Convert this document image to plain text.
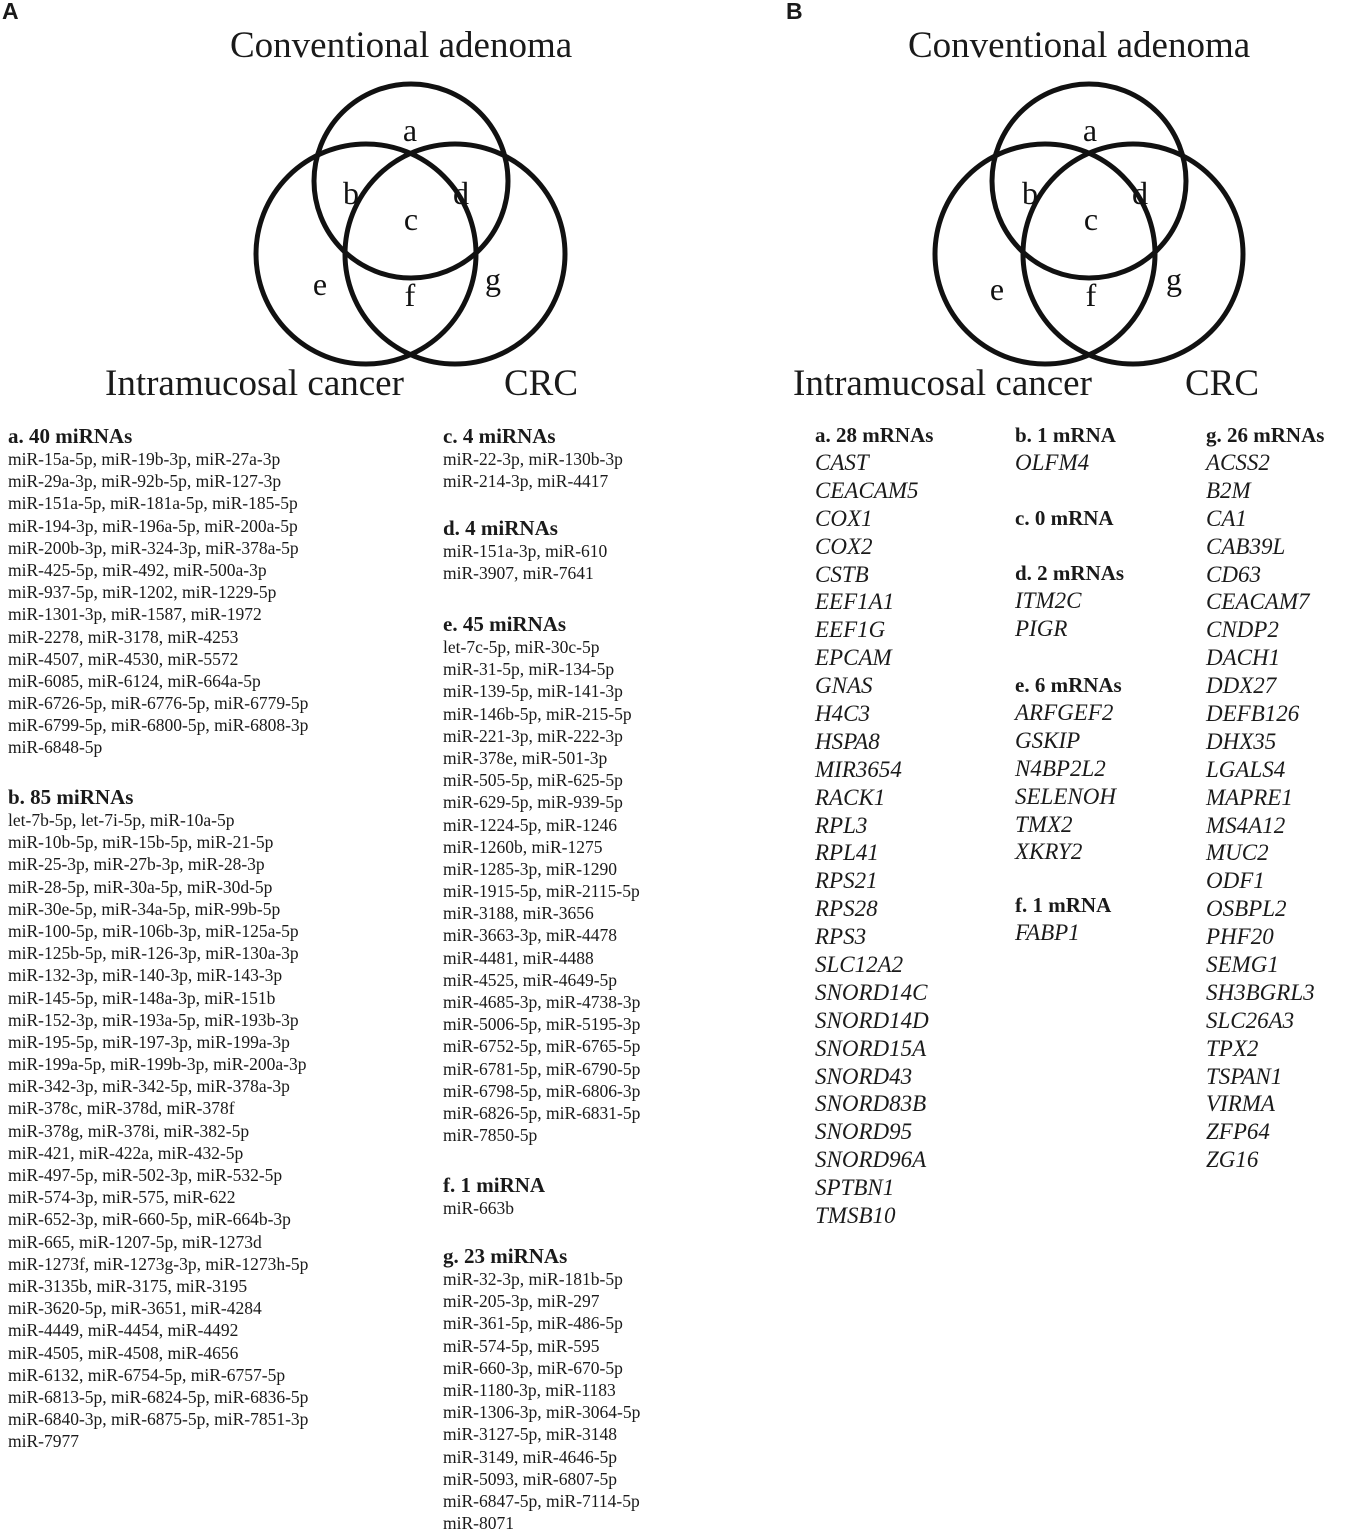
A
Conventional adenoma
a
b
c
d
e f g
Intramucosal cancer	CRC
a. 40 miRNAs
miR-15a-5p, miR-19b-3p, miR-27a-3p
miR-29a-3p, miR-92b-5p, miR-127-3p
miR-151a-5p, miR-181a-5p, miR-185-5p
miR-194-3p, miR-196a-5p, miR-200a-5p
miR-200b-3p, miR-324-3p, miR-378a-5p
miR-425-5p, miR-492, miR-500a-3p
miR-937-5p, miR-1202, miR-1229-5p
miR-1301-3p, miR-1587, miR-1972
miR-2278, miR-3178, miR-4253
miR-4507, miR-4530, miR-5572
miR-6085, miR-6124, miR-664a-5p
miR-6726-5p, miR-6776-5p, miR-6779-5p
miR-6799-5p, miR-6800-5p, miR-6808-3p
miR-6848-5p
b. 85 miRNAs
let-7b-5p, let-7i-5p, miR-10a-5p
miR-10b-5p, miR-15b-5p, miR-21-5p
miR-25-3p, miR-27b-3p, miR-28-3p
miR-28-5p, miR-30a-5p, miR-30d-5p
miR-30e-5p, miR-34a-5p, miR-99b-5p
miR-100-5p, miR-106b-3p, miR-125a-5p
miR-125b-5p, miR-126-3p, miR-130a-3p
miR-132-3p, miR-140-3p, miR-143-3p
miR-145-5p, miR-148a-3p, miR-151b
miR-152-3p, miR-193a-5p, miR-193b-3p
miR-195-5p, miR-197-3p, miR-199a-3p
miR-199a-5p, miR-199b-3p, miR-200a-3p
miR-342-3p, miR-342-5p, miR-378a-3p
miR-378c, miR-378d, miR-378f
miR-378g, miR-378i, miR-382-5p
miR-421, miR-422a, miR-432-5p
miR-497-5p, miR-502-3p, miR-532-5p
miR-574-3p, miR-575, miR-622
miR-652-3p, miR-660-5p, miR-664b-3p
miR-665, miR-1207-5p, miR-1273d
miR-1273f, miR-1273g-3p, miR-1273h-5p
miR-3135b, miR-3175, miR-3195
miR-3620-5p, miR-3651, miR-4284
miR-4449, miR-4454, miR-4492
miR-4505, miR-4508, miR-4656
miR-6132, miR-6754-5p, miR-6757-5p
miR-6813-5p, miR-6824-5p, miR-6836-5p
miR-6840-3p, miR-6875-5p, miR-7851-3p
miR-7977
c. 4 miRNAs
miR-22-3p, miR-130b-3p
miR-214-3p, miR-4417
d. 4 miRNAs
miR-151a-3p, miR-610
miR-3907, miR-7641
e. 45 miRNAs
let-7c-5p, miR-30c-5p
miR-31-5p, miR-134-5p
miR-139-5p, miR-141-3p
miR-146b-5p, miR-215-5p
miR-221-3p, miR-222-3p
miR-378e, miR-501-3p
miR-505-5p, miR-625-5p
miR-629-5p, miR-939-5p
miR-1224-5p, miR-1246
miR-1260b, miR-1275
miR-1285-3p, miR-1290
miR-1915-5p, miR-2115-5p
miR-3188, miR-3656
miR-3663-3p, miR-4478
miR-4481, miR-4488
miR-4525, miR-4649-5p
miR-4685-3p, miR-4738-3p
miR-5006-5p, miR-5195-3p
miR-6752-5p, miR-6765-5p
miR-6781-5p, miR-6790-5p
miR-6798-5p, miR-6806-3p
miR-6826-5p, miR-6831-5p
miR-7850-5p
f. 1 miRNA
miR-663b
g. 23 miRNAs
miR-32-3p, miR-181b-5p
miR-205-3p, miR-297
miR-361-5p, miR-486-5p
miR-574-5p, miR-595
miR-660-3p, miR-670-5p
miR-1180-3p, miR-1183
miR-1306-3p, miR-3064-5p
miR-3127-5p, miR-3148
miR-3149, miR-4646-5p
miR-5093, miR-6807-5p
miR-6847-5p, miR-7114-5p
miR-8071
B
Conventional adenoma
a
b
c
d
e	f g
Intramucosal cancer	CRC
a. 28 mRNAs
CAST
CEACAM5
COX1
COX2
CSTB
EEF1A1
EEF1G
EPCAM
GNAS
H4C3
HSPA8
MIR3654
RACK1
RPL3
RPL41
RPS21
RPS28
RPS3
SLC12A2
SNORD14C
SNORD14D
SNORD15A
SNORD43
SNORD83B
SNORD95
SNORD96A
SPTBN1
TMSB10
b. 1 mRNA
OLFM4
c. 0 mRNA
d. 2 mRNAs
ITM2C
PIGR
e. 6 mRNAs
ARFGEF2
GSKIP
N4BP2L2
SELENOH
TMX2
XKRY2
f. 1 mRNA
FABP1
g. 26 mRNAs
ACSS2
B2M
CA1
CAB39L
CD63
CEACAM7
CNDP2
DACH1
DDX27
DEFB126
DHX35
LGALS4
MAPRE1
MS4A12
MUC2
ODF1
OSBPL2
PHF20
SEMG1
SH3BGRL3
SLC26A3
TPX2
TSPAN1
VIRMA
ZFP64
ZG16
